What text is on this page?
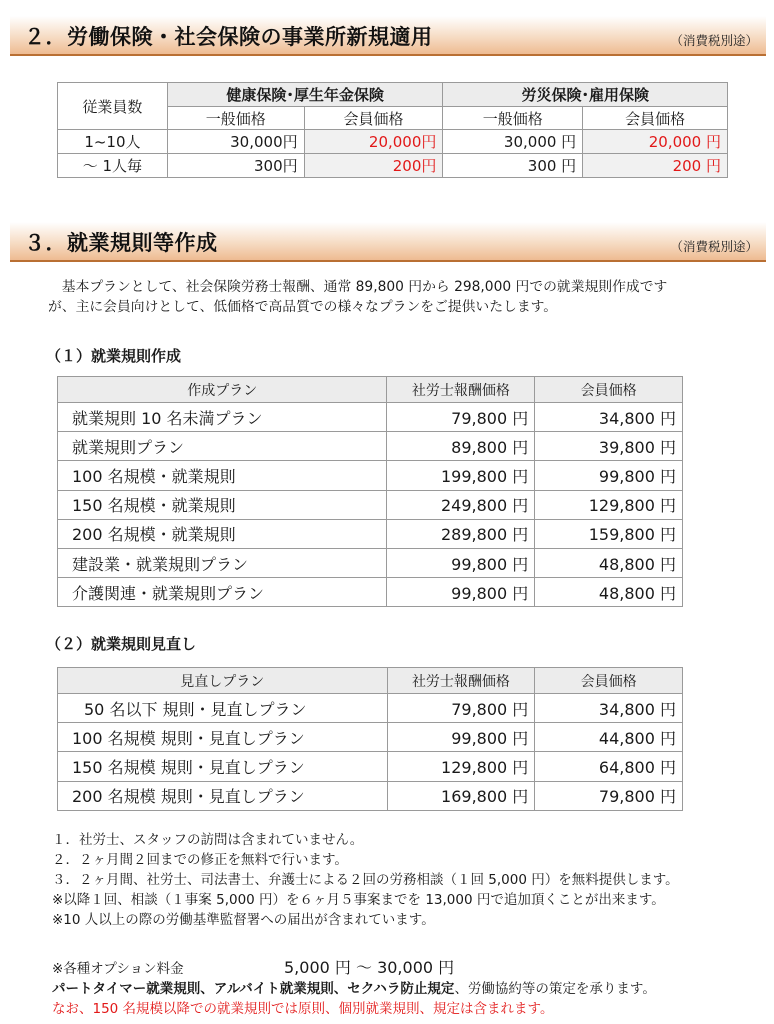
２．労働保険・社会保険の事業所新規適用	（消費税別途）
従業員数	健康保険･厚生年金保険		労災保険･雇用保険	
	一般価格	会員価格	一般価格	会員価格
1~10人	30,000円	20,000円	30,000 円	20,000 円
～ 1人毎	300円	200円	300 円	200 円
３．就業規則等作成	（消費税別途）

　基本プランとして、社会保険労務士報酬、通常 89,800 円から 298,000 円での就業規則作成です

が、主に会員向けとして、低価格で高品質での様々なプランをご提供いたします。

（１）就業規則作成
作成プラン	社労士報酬価格	会員価格
就業規則 10 名未満プラン	79,800 円	34,800 円
就業規則プラン	89,800 円	39,800 円
100 名規模・就業規則	199,800 円	99,800 円
150 名規模・就業規則	249,800 円	129,800 円
200 名規模・就業規則	289,800 円	159,800 円
建設業・就業規則プラン	99,800 円	48,800 円
介護関連・就業規則プラン	99,800 円	48,800 円
（２）就業規則見直し
見直しプラン	社労士報酬価格	会員価格
50 名以下 規則・見直しプラン	79,800 円	34,800 円
100 名規模 規則・見直しプラン	99,800 円	44,800 円
150 名規模 規則・見直しプラン	129,800 円	64,800 円
200 名規模 規則・見直しプラン	169,800 円	79,800 円

１．社労士、スタッフの訪問は含まれていません。

２．２ヶ月間２回までの修正を無料で行います。

３．２ヶ月間、社労士、司法書士、弁護士による２回の労務相談（１回 5,000 円）を無料提供します。

※以降１回、相談（１事案 5,000 円）を６ヶ月５事案までを 13,000 円で追加頂くことが出来ます。

※10 人以上の際の労働基準監督署への届出が含まれています。

※各種オプション料金	5,000 円 ～ 30,000 円

パートタイマー就業規則、アルバイト就業規則、セクハラ防止規定、労働協約等の策定を承ります。

なお、150 名規模以降での就業規則では原則、個別就業規則、規定は含まれます。
